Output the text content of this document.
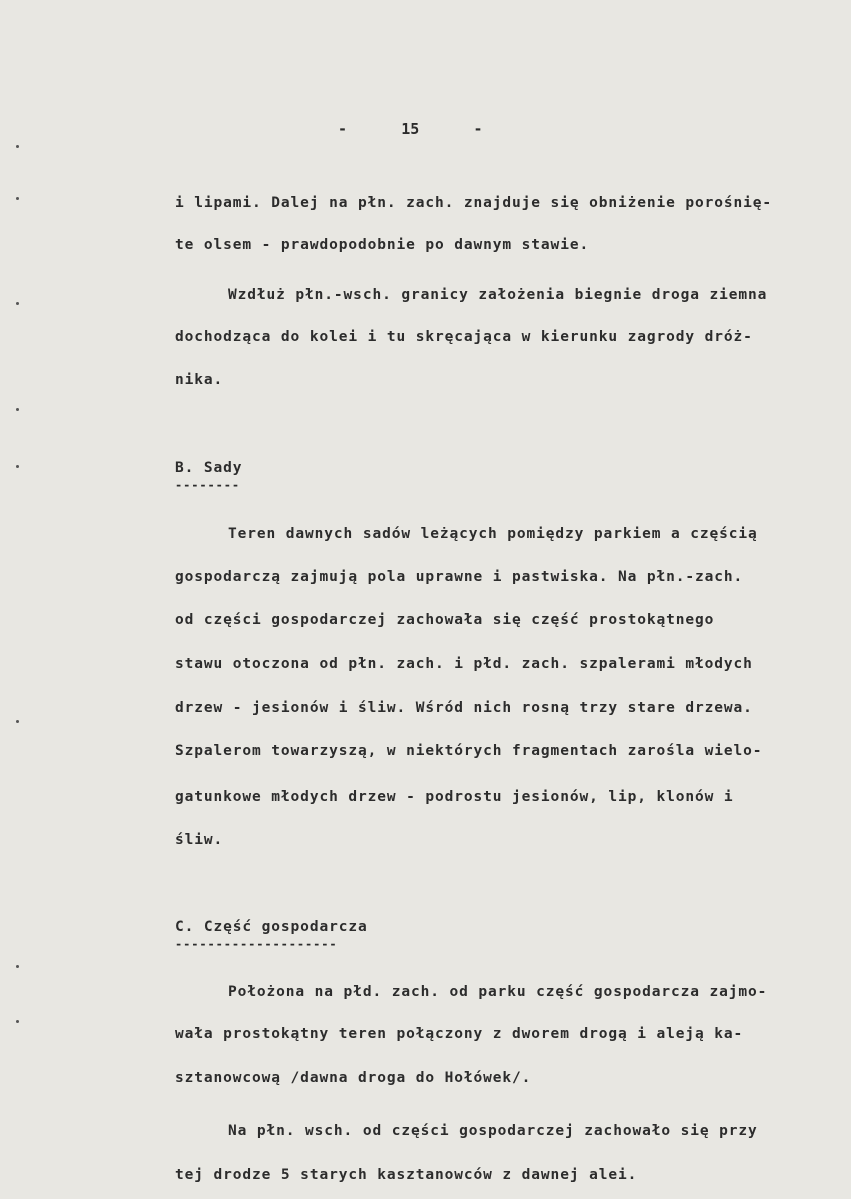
-      15      -
i lipami. Dalej na płn. zach. znajduje się obniżenie porośnię-
te olsem - prawdopodobnie po dawnym stawie.
Wzdłuż płn.-wsch. granicy założenia biegnie droga ziemna
dochodząca do kolei i tu skręcająca w kierunku zagrody dróż-
nika.
B. Sady
--------
Teren dawnych sadów leżących pomiędzy parkiem a częścią
gospodarczą zajmują pola uprawne i pastwiska. Na płn.-zach.
od części gospodarczej zachowała się część prostokątnego
stawu otoczona od płn. zach. i płd. zach. szpalerami młodych
drzew - jesionów i śliw. Wśród nich rosną trzy stare drzewa.
Szpalerom towarzyszą, w niektórych fragmentach zarośla wielo-
gatunkowe młodych drzew - podrostu jesionów, lip, klonów i
śliw.
C. Część gospodarcza
--------------------
Położona na płd. zach. od parku część gospodarcza zajmo-
wała prostokątny teren połączony z dworem drogą i aleją ka-
sztanowcową /dawna droga do Hołówek/.
Na płn. wsch. od części gospodarczej zachowało się przy
tej drodze 5 starych kasztanowców z dawnej alei.
